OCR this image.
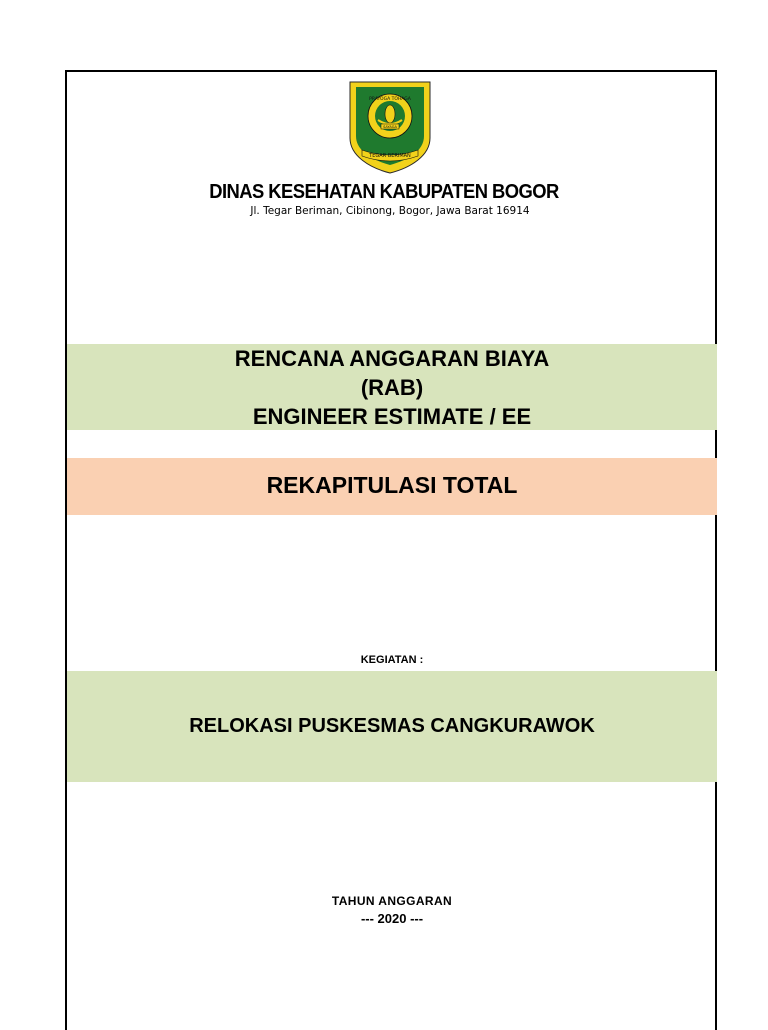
PRAYOGA TOHAGA
SAYAGA
TEGAR BERIMAN
DINAS KESEHATAN KABUPATEN BOGOR
Jl. Tegar Beriman, Cibinong, Bogor, Jawa Barat 16914
RENCANA ANGGARAN BIAYA
(RAB)
ENGINEER ESTIMATE / EE
REKAPITULASI TOTAL
KEGIATAN :
RELOKASI PUSKESMAS CANGKURAWOK
TAHUN ANGGARAN
--- 2020 ---
